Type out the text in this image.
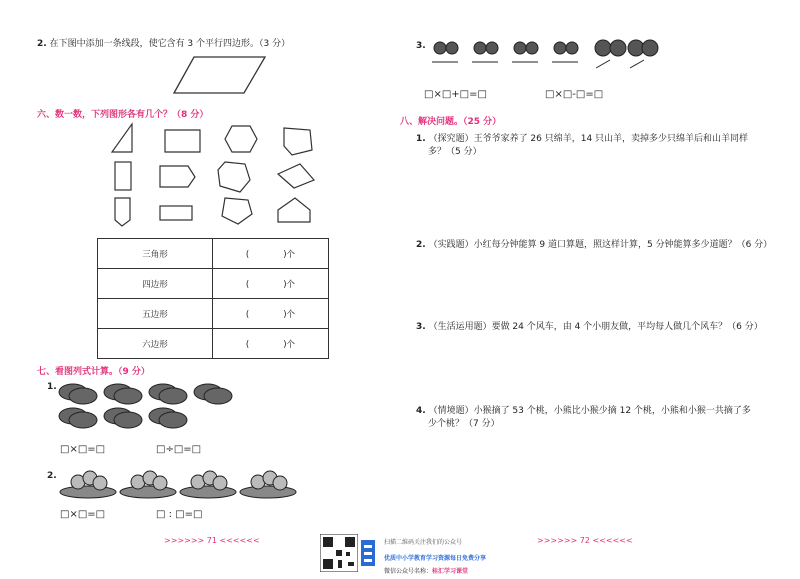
2. 在下图中添加一条线段，使它含有 3 个平行四边形。（3 分）
六、数一数，下列图形各有几个？（8 分）
三角形	(　　　　)个
四边形	(　　　　)个
五边形	(　　　　)个
六边形	(　　　　)个
七、看图列式计算。（9 分）
1.
□×□=□	□÷□=□
2.
□×□=□	□ : □=□
>>>>>> 71 <<<<<<
3.
□×□+□=□	□×□-□=□
八、解决问题。（25 分）
1. （探究题）王爷爷家养了 26 只绵羊，14 只山羊，卖掉多少只绵羊后和山羊同样
多？（5 分）
2. （实践题）小红每分钟能算 9 道口算题，照这样计算，5 分钟能算多少道题？（6 分）
3. （生活运用题）要做 24 个风车，由 4 个小朋友做，平均每人做几个风车？（6 分）
4. （情境题）小猴摘了 53 个桃，小熊比小猴少摘 12 个桃，小熊和小猴一共摘了多
少个桃？（7 分）
>>>>>> 72 <<<<<<
扫描二维码关注我们的公众号
优质中小学教育学习资源每日免费分享
微信公众号名称：桂汇学习课堂
